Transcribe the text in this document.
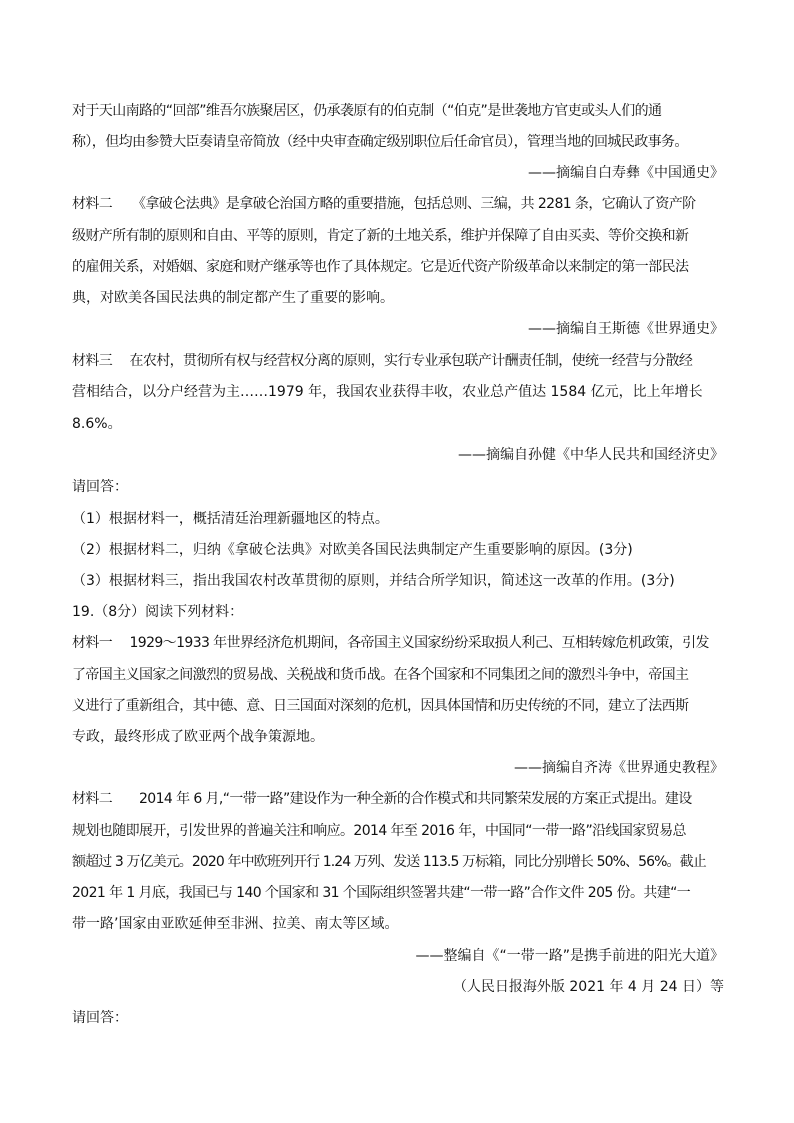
对于天山南路的“回部”维吾尔族聚居区，仍承袭原有的伯克制（“伯克”是世袭地方官吏或头人们的通
称），但均由参赞大臣奏请皇帝简放（经中央审查确定级别职位后任命官员），管理当地的回城民政事务。
——摘编自白寿彝《中国通史》
材料二　　《拿破仑法典》是拿破仑治国方略的重要措施，包括总则、三编，共 2281 条，它确认了资产阶
级财产所有制的原则和自由、平等的原则，肯定了新的土地关系，维护并保障了自由买卖、等价交换和新
的雇佣关系，对婚姻、家庭和财产继承等也作了具体规定。它是近代资产阶级革命以来制定的第一部民法
典，对欧美各国民法典的制定都产生了重要的影响。
——摘编自王斯德《世界通史》
材料三　 在农村，贯彻所有权与经营权分离的原则，实行专业承包联产计酬责任制，使统一经营与分散经
营相结合，以分户经营为主……1979 年，我国农业获得丰收，农业总产值达 1584 亿元，比上年增长
8.6%。
——摘编自孙健《中华人民共和国经济史》
请回答：
（1）根据材料一，概括清廷治理新疆地区的特点。
（2）根据材料二，归纳《拿破仑法典》对欧美各国民法典制定产生重要影响的原因。(3分)
（3）根据材料三，指出我国农村改革贯彻的原则，并结合所学知识，简述这一改革的作用。(3分)
19.（8分）阅读下列材料：
材料一　 1929～1933 年世界经济危机期间，各帝国主义国家纷纷采取损人利己、互相转嫁危机政策，引发
了帝国主义国家之间激烈的贸易战、关税战和货币战。在各个国家和不同集团之间的激烈斗争中，帝国主
义进行了重新组合，其中德、意、日三国面对深刻的危机，因具体国情和历史传统的不同，建立了法西斯
专政，最终形成了欧亚两个战争策源地。
——摘编自齐涛《世界通史教程》
材料二　　2014 年 6 月,“一带一路”建设作为一种全新的合作模式和共同繁荣发展的方案正式提出。建设
规划也随即展开，引发世界的普遍关注和响应。2014 年至 2016 年，中国同“一带一路”沿线国家贸易总
额超过 3 万亿美元。2020 年中欧班列开行 1.24 万列、发送 113.5 万标箱，同比分别增长 50%、56%。截止
2021 年 1 月底，我国已与 140 个国家和 31 个国际组织签署共建“一带一路”合作文件 205 份。共建“一
带一路’国家由亚欧延伸至非洲、拉美、南太等区域。
——整编自《“一带一路”是携手前进的阳光大道》
（人民日报海外版 2021 年 4 月 24 日）等
请回答：
